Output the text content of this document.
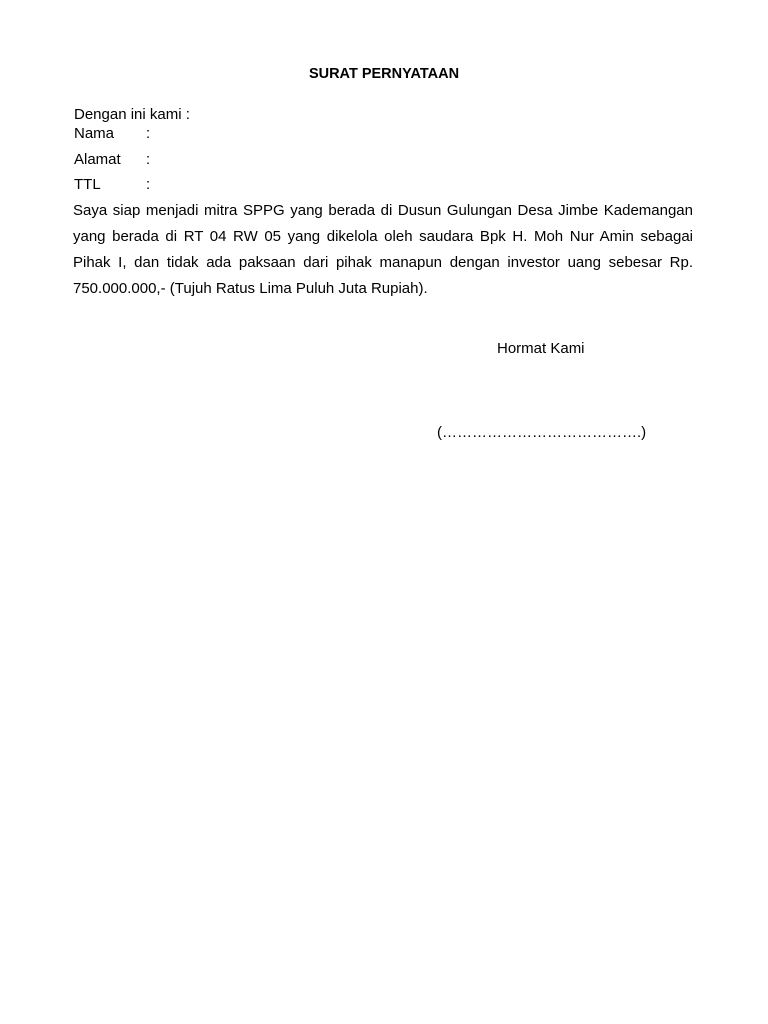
SURAT PERNYATAAN
Dengan ini kami :
Nama :
Alamat :
TTL	:
Saya siap menjadi mitra SPPG yang berada di Dusun Gulungan Desa Jimbe Kademangan yang berada di RT 04 RW 05 yang dikelola oleh saudara Bpk H. Moh Nur Amin sebagai Pihak I, dan tidak ada paksaan dari pihak manapun dengan investor uang sebesar Rp. 750.000.000,- (Tujuh Ratus Lima Puluh Juta Rupiah).
Hormat Kami
(………………………………….)
